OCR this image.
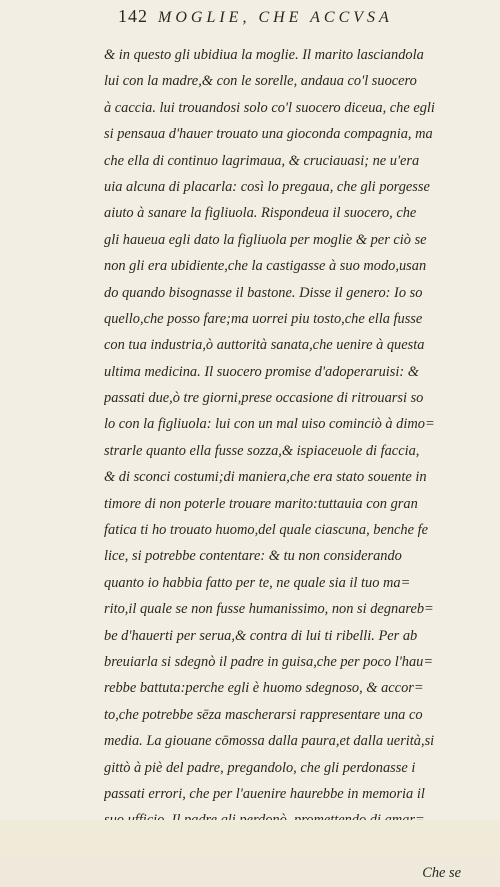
142 MOGLIE, CHE ACCVSA
& in questo gli ubidiua la moglie. Il marito lasciandola
lui con la madre,& con le sorelle, andaua co'l suocero
à caccia. lui trouandosi solo co'l suocero diceua, che egli
si pensaua d'hauer trouato una gioconda compagnia, ma
che ella di continuo lagrimaua, & cruciauasi; ne u'era
uia alcuna di placarla: così lo pregaua, che gli porgesse
aiuto à sanare la figliuola. Rispondeua il suocero, che
gli haueua egli dato la figliuola per moglie & per ciò se
non gli era ubidiente,che la castigasse à suo modo,usan
do quando bisognasse il bastone. Disse il genero: Io so
quello,che posso fare;ma uorrei piu tosto,che ella fusse
con tua industria,ò auttorità sanata,che uenire à questa
ultima medicina. Il suocero promise d'adoperaruisi: &
passati due,ò tre giorni,prese occasione di ritrouarsi so
lo con la figliuola: lui con un mal uiso cominciò à dimo=
strarle quanto ella fusse sozza,& ispiaceuole di faccia,
& di sconci costumi;di maniera,che era stato souente in
timore di non poterle trouare marito:tuttauia con gran
fatica ti ho trouato huomo,del quale ciascuna, benche fe
lice, si potrebbe contentare: & tu non considerando
quanto io habbia fatto per te, ne quale sia il tuo ma=
rito,il quale se non fusse humanissimo, non si degnareb=
be d'hauerti per serua,& contra di lui ti ribelli. Per ab
breuiarla si sdegnò il padre in guisa,che per poco l'hau=
rebbe battuta:perche egli è huomo sdegnoso, & accor=
to,che potrebbe sēza mascherarsi rappresentare una co
media. La giouane cōmossa dalla paura,et dalla uerità,si
gittò à piè del padre, pregandolo, che gli perdonasse i
passati errori, che per l'auenire haurebbe in memoria il
Che se
